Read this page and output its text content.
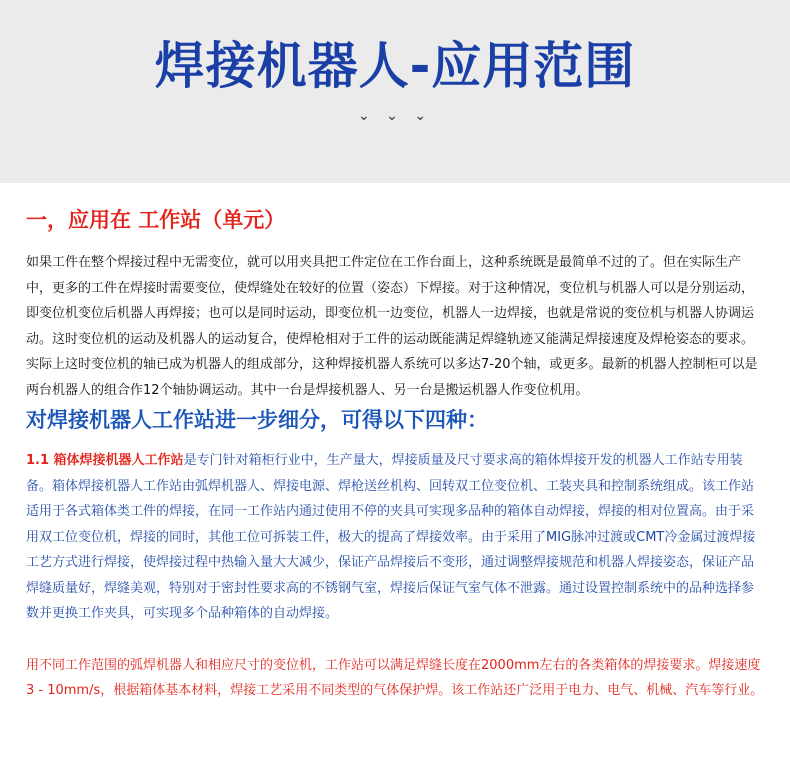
焊接机器人-应用范围
⌄ ⌄ ⌄
一，应用在 工作站（单元）
如果工件在整个焊接过程中无需变位，就可以用夹具把工件定位在工作台面上，这种系统既是最简单不过的了。但在实际生产中，更多的工件在焊接时需要变位，使焊缝处在较好的位置（姿态）下焊接。对于这种情况，变位机与机器人可以是分别运动，即变位机变位后机器人再焊接；也可以是同时运动，即变位机一边变位，机器人一边焊接，也就是常说的变位机与机器人协调运动。这时变位机的运动及机器人的运动复合，使焊枪相对于工件的运动既能满足焊缝轨迹又能满足焊接速度及焊枪姿态的要求。实际上这时变位机的轴已成为机器人的组成部分，这种焊接机器人系统可以多达7-20个轴，或更多。最新的机器人控制柜可以是两台机器人的组合作12个轴协调运动。其中一台是焊接机器人、另一台是搬运机器人作变位机用。
对焊接机器人工作站进一步细分，可得以下四种：
1.1 箱体焊接机器人工作站是专门针对箱柜行业中，生产量大，焊接质量及尺寸要求高的箱体焊接开发的机器人工作站专用装备。箱体焊接机器人工作站由弧焊机器人、焊接电源、焊枪送丝机构、回转双工位变位机、工装夹具和控制系统组成。该工作站适用于各式箱体类工件的焊接，在同一工作站内通过使用不停的夹具可实现多品种的箱体自动焊接，焊接的相对位置高。由于采用双工位变位机，焊接的同时，其他工位可拆装工件，极大的提高了焊接效率。由于采用了MIG脉冲过渡或CMT冷金属过渡焊接工艺方式进行焊接，使焊接过程中热输入量大大减少，保证产品焊接后不变形，通过调整焊接规范和机器人焊接姿态，保证产品焊缝质量好，焊缝美观，特别对于密封性要求高的不锈钢气室，焊接后保证气室气体不泄露。通过设置控制系统中的品种选择参数并更换工作夹具，可实现多个品种箱体的自动焊接。
用不同工作范围的弧焊机器人和相应尺寸的变位机，工作站可以满足焊缝长度在2000mm左右的各类箱体的焊接要求。焊接速度3 - 10mm/s，根据箱体基本材料，焊接工艺采用不同类型的气体保护焊。该工作站还广泛用于电力、电气、机械、汽车等行业。
